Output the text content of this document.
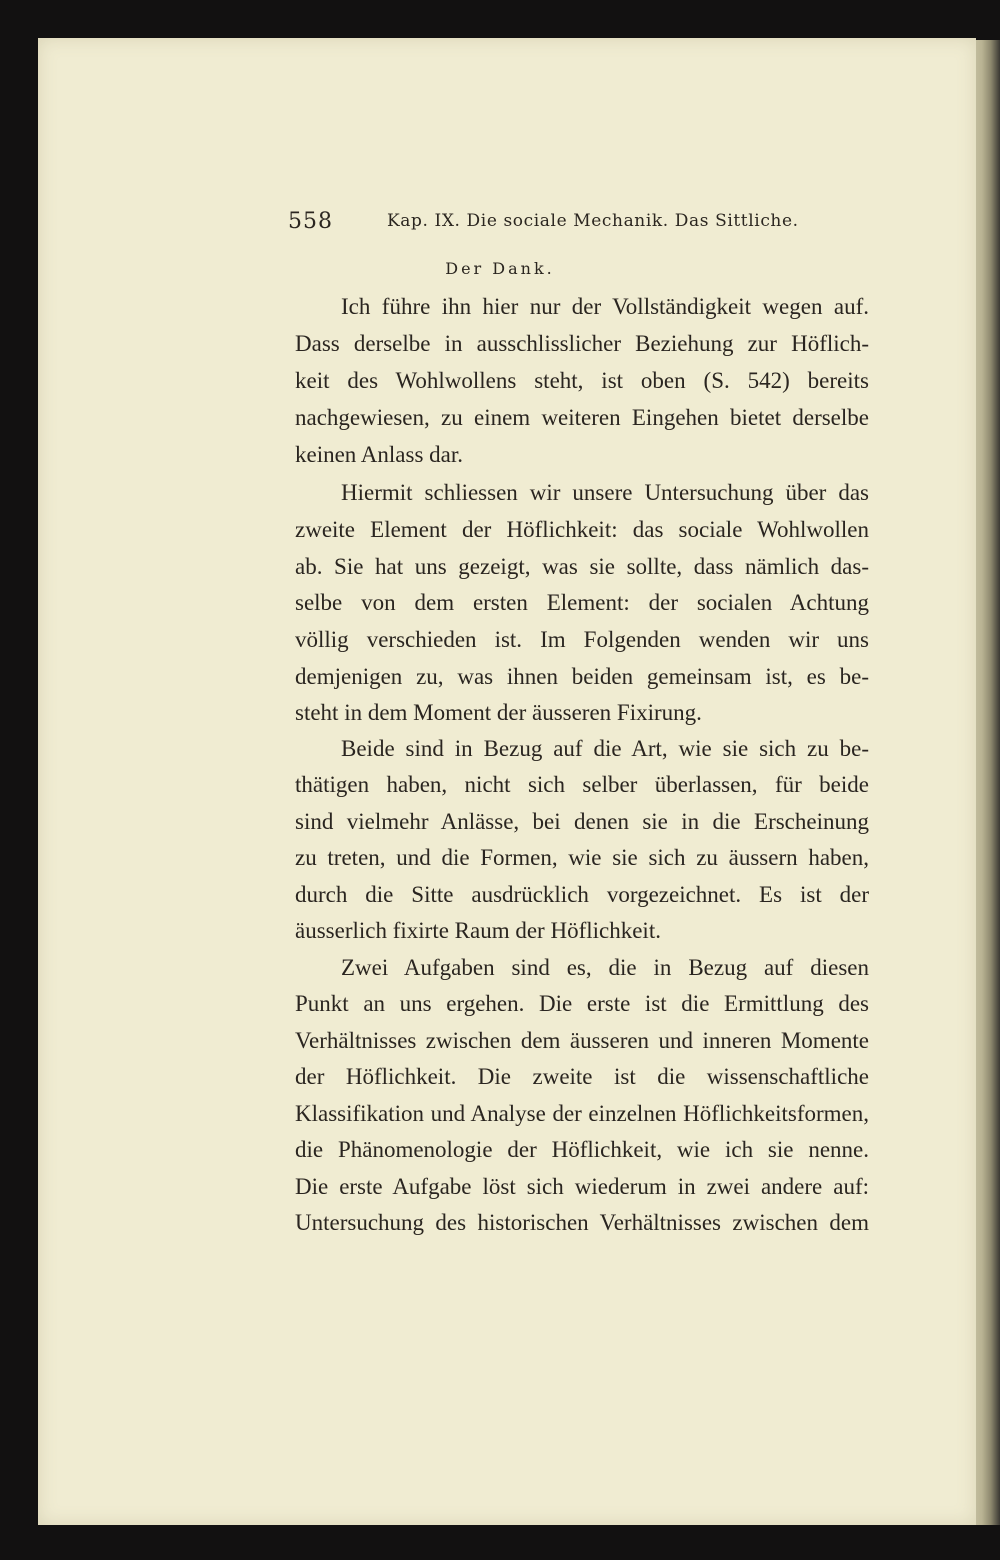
558	Kap. IX. Die sociale Mechanik. Das Sittliche.
Der Dank.
Ich führe ihn hier nur der Vollständigkeit wegen auf.
Dass derselbe in ausschlisslicher Beziehung zur Höflich-
keit des Wohlwollens steht, ist oben (S. 542) bereits
nachgewiesen, zu einem weiteren Eingehen bietet derselbe
keinen Anlass dar.
Hiermit schliessen wir unsere Untersuchung über das
zweite Element der Höflichkeit: das sociale Wohlwollen
ab. Sie hat uns gezeigt, was sie sollte, dass nämlich das-
selbe von dem ersten Element: der socialen Achtung
völlig verschieden ist. Im Folgenden wenden wir uns
demjenigen zu, was ihnen beiden gemeinsam ist, es be-
steht in dem Moment der äusseren Fixirung.
Beide sind in Bezug auf die Art, wie sie sich zu be-
thätigen haben, nicht sich selber überlassen, für beide
sind vielmehr Anlässe, bei denen sie in die Erscheinung
zu treten, und die Formen, wie sie sich zu äussern haben,
durch die Sitte ausdrücklich vorgezeichnet. Es ist der
äusserlich fixirte Raum der Höflichkeit.
Zwei Aufgaben sind es, die in Bezug auf diesen
Punkt an uns ergehen. Die erste ist die Ermittlung des
Verhältnisses zwischen dem äusseren und inneren Momente
der Höflichkeit. Die zweite ist die wissenschaftliche
Klassifikation und Analyse der einzelnen Höflichkeitsformen,
die Phänomenologie der Höflichkeit, wie ich sie nenne.
Die erste Aufgabe löst sich wiederum in zwei andere auf:
Untersuchung des historischen Verhältnisses zwischen dem
